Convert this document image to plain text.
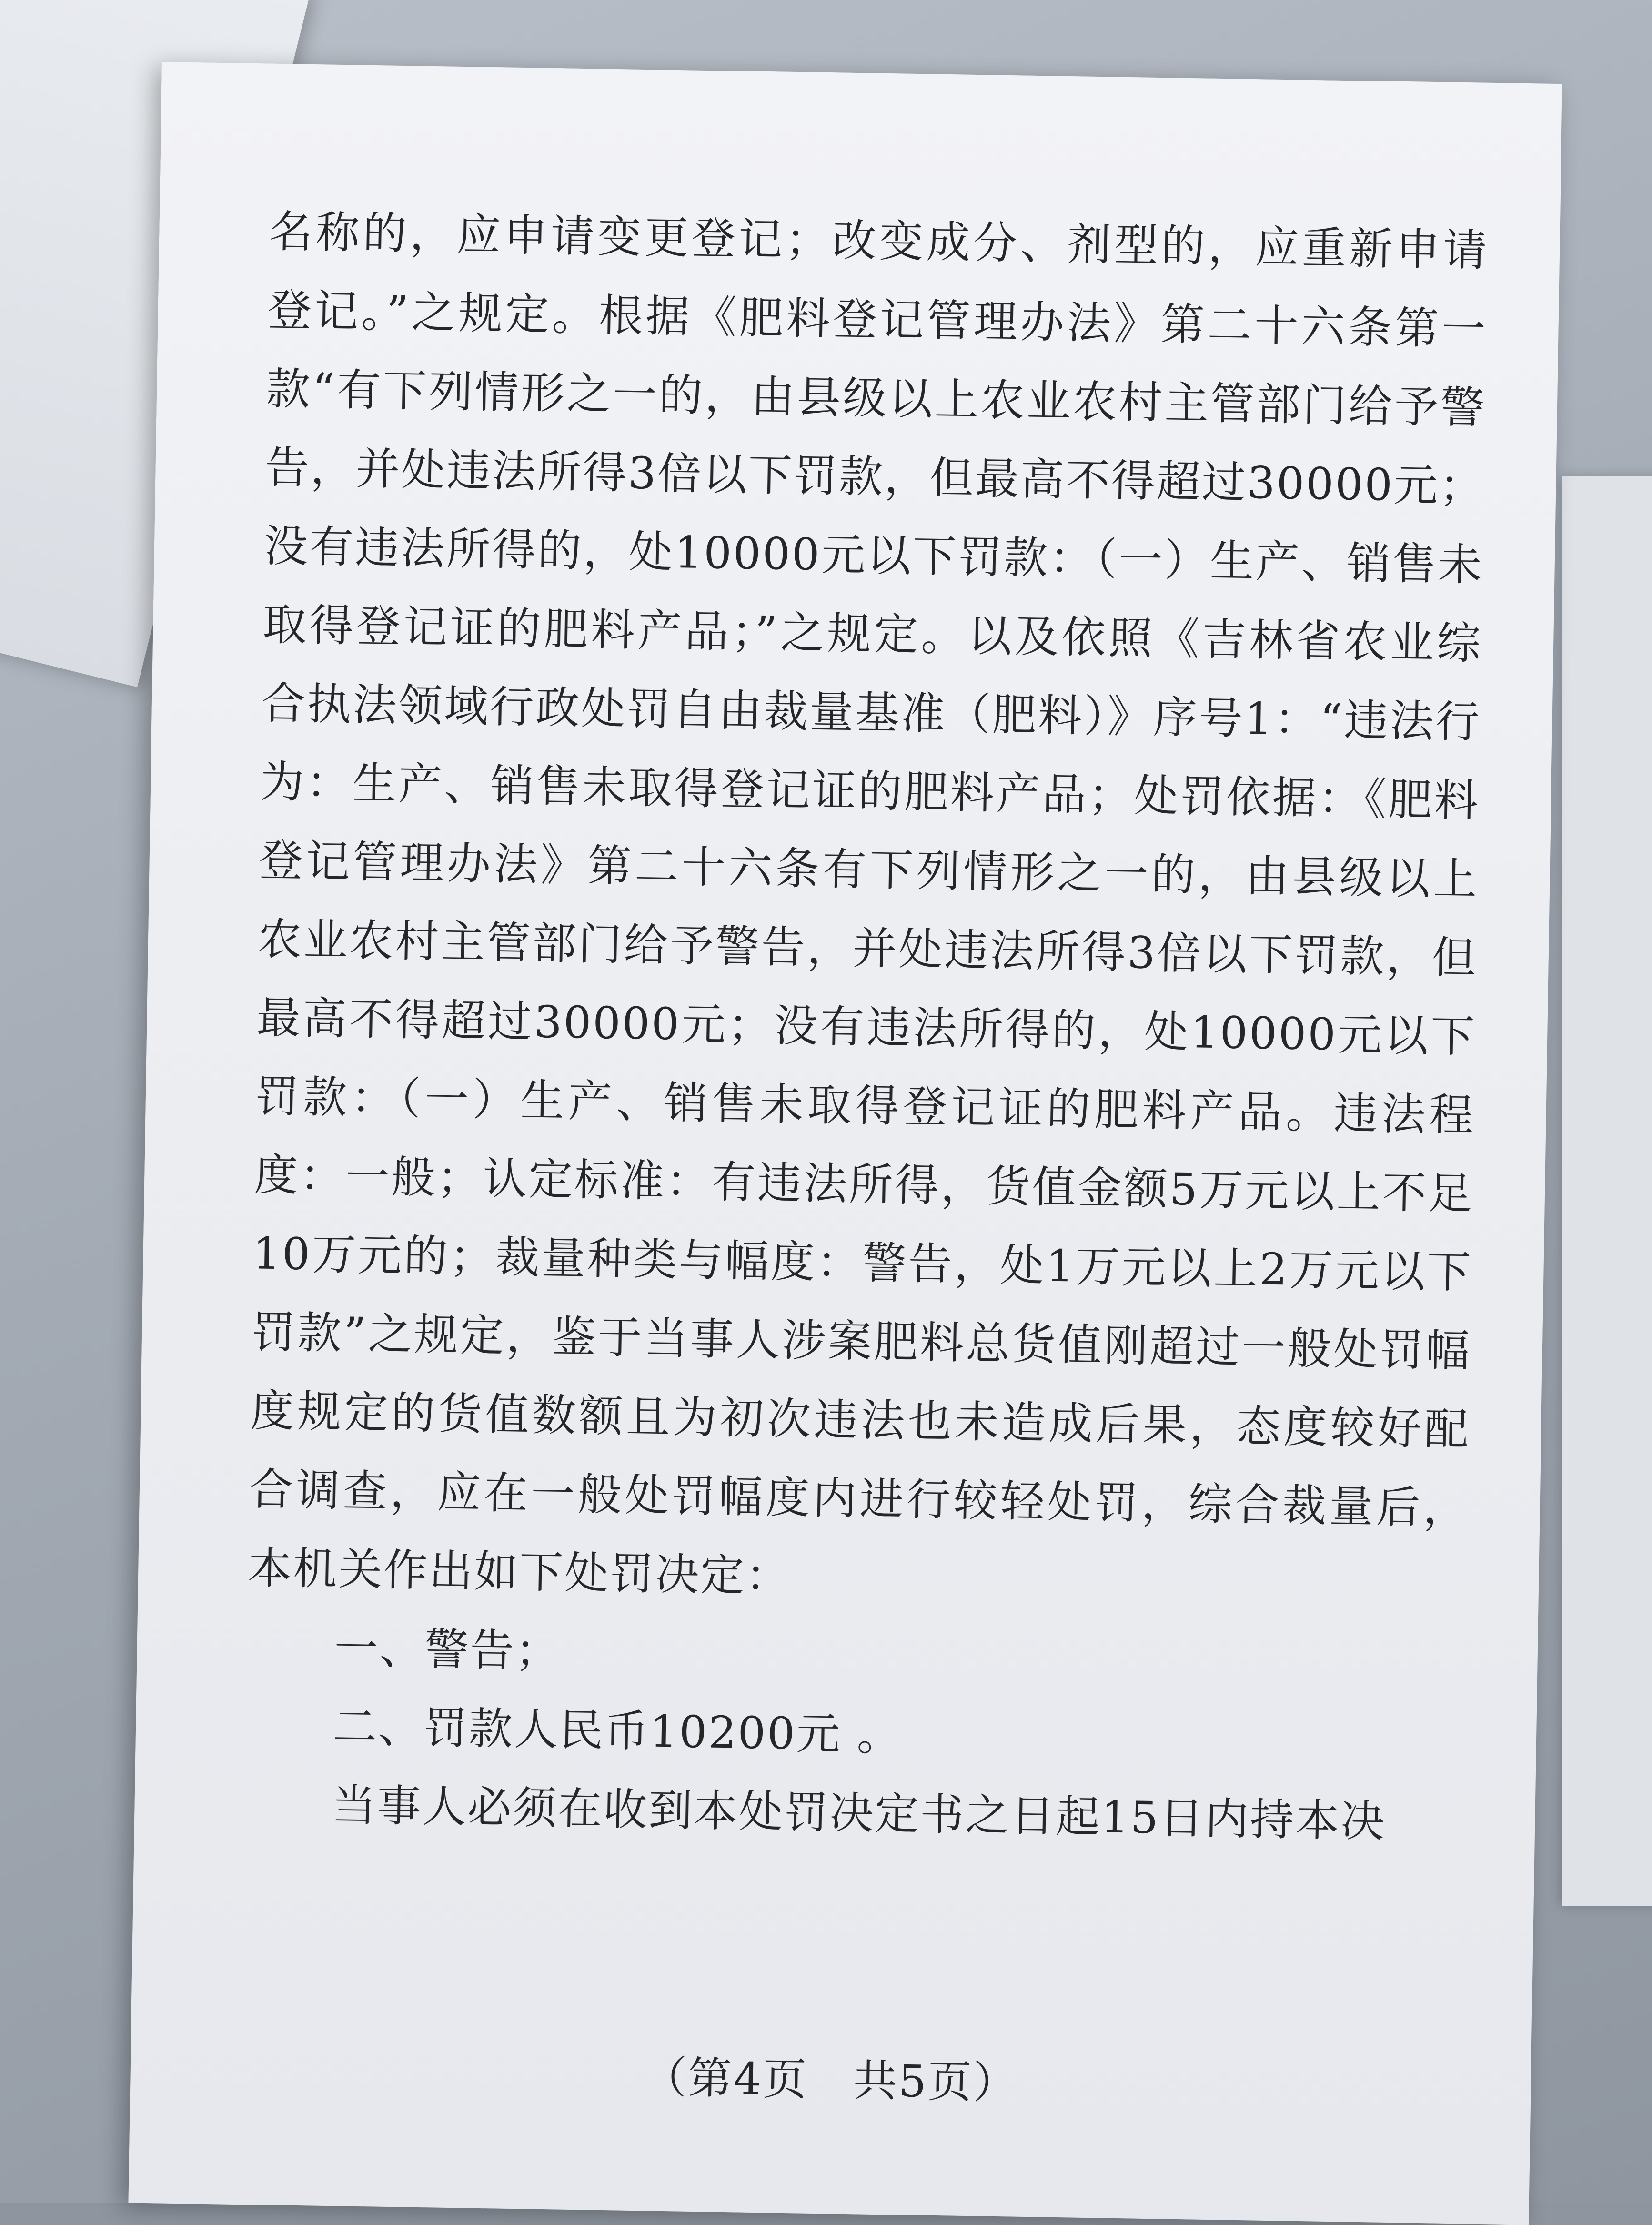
名称的，应申请变更登记；改变成分、剂型的，应重新申请登记。”之规定。根据《肥料登记管理办法》第二十六条第一款“有下列情形之一的，由县级以上农业农村主管部门给予警告，并处违法所得3倍以下罚款，但最高不得超过30000元；没有违法所得的，处10000元以下罚款：（一）生产、销售未取得登记证的肥料产品；”之规定。以及依照《吉林省农业综合执法领域行政处罚自由裁量基准（肥料）》序号1：“违法行为：生产、销售未取得登记证的肥料产品；处罚依据：《肥料登记管理办法》第二十六条有下列情形之一的，由县级以上农业农村主管部门给予警告，并处违法所得3倍以下罚款，但最高不得超过30000元；没有违法所得的，处10000元以下罚款：（一）生产、销售未取得登记证的肥料产品。违法程度：一般；认定标准：有违法所得，货值金额5万元以上不足10万元的；裁量种类与幅度：警告，处1万元以上2万元以下罚款”之规定，鉴于当事人涉案肥料总货值刚超过一般处罚幅度规定的货值数额且为初次违法也未造成后果，态度较好配合调查，应在一般处罚幅度内进行较轻处罚，综合裁量后，本机关作出如下处罚决定：

一、警告；

二、罚款人民币10200元 。

当事人必须在收到本处罚决定书之日起15日内持本决

（第4页　共5页）
